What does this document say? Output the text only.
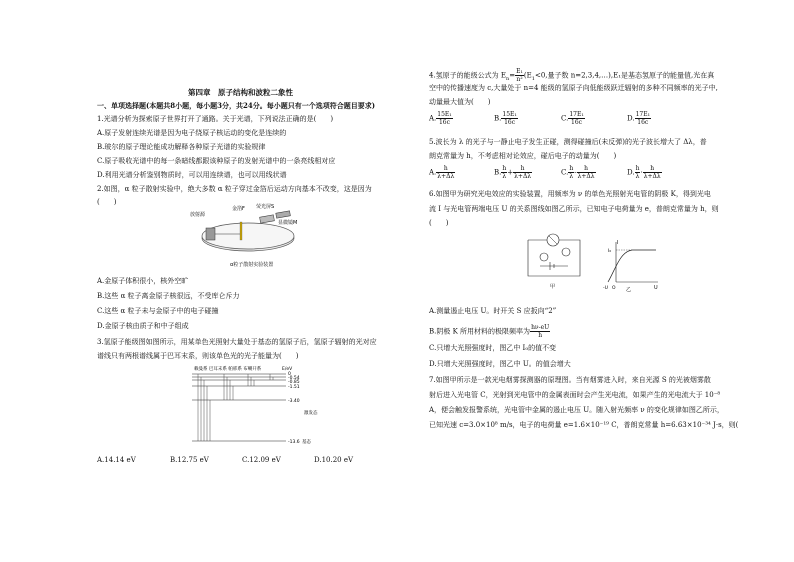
第四章　原子结构和波粒二象性
一、单项选择题(本题共8小题，每小题3分，共24分。每小题只有一个选项符合题目要求)
1.光谱分析为探索原子世界打开了通路。关于光谱，下列说法正确的是(　　)
A.原子发射连续光谱是因为电子绕原子核运动的变化是连续的
B.玻尔的原子理论能成功解释各种原子光谱的实验规律
C.原子吸收光谱中的每一条暗线都跟该种原子的发射光谱中的一条亮线相对应
D.利用光谱分析鉴别物质时，可以用连续谱，也可以用线状谱
2.如图，α 粒子散射实验中，绝大多数 α 粒子穿过金箔后运动方向基本不改变，这是因为
(　　)
放射源
金箔F 荧光屏S
显微镜M
α粒子散射实验装置
A.金原子体积很小，核外空旷
B.这些 α 粒子离金原子核很远，不受库仑斥力
C.这些 α 粒子未与金原子中的电子碰撞
D.金原子核由质子和中子组成
3.氢原子能级图如图所示，用某单色光照射大量处于基态的氢原子后，氢原子辐射的光对应
谱线只有两根谱线属于巴耳末系，则该单色光的光子能量为(　　)
赖曼系 巴耳末系 帕邢系 布喇开系	E/eV
0
-0.54
-0.85
-1.51
-3.40
-13.6
激发态
基态
A.14.14 eV	B.12.75 eV	C.12.09 eV	D.10.20 eV
4.氢原子的能级公式为 $E_n= \frac{\text{E₁}}{\text{n²}} (E_1<0$,量子数 n=2,3,4,…),E₁是基态氢原子的能量值,光在真
空中的传播速度为 c,大量处于 n=4 能级的氢原子向低能级跃迁辐射的多种不同频率的光子中,
动量最大值为(　　)
A. $\frac{\text{15E₁}}{16c}$	B. $\frac{\text{15E₁}}{16c}$	C. $\frac{\text{17E₁}}{16c}$	D. $\frac{\text{17E₁}}{16c}$
5.波长为 λ 的光子与一静止电子发生正碰，测得碰撞后(未反弹)的光子波长增大了 Δλ，普
朗克常量为 h，不考虑相对论效应，碰后电子的动量为(　　)
A. $\frac{h}{\lambda+\Delta\lambda}$	B. $\frac{h}{\lambda} + \frac{h}{\lambda+\Delta\lambda}$	C. $\frac{h}{\lambda} - \frac{h}{\lambda+\Delta\lambda}$	D. $\frac{h}{\lambda} \cdot \frac{h}{\lambda+\Delta\lambda}$
6.如图甲为研究光电效应的实验装置，用频率为 ν 的单色光照射光电管的阴极 K，得到光电
流 I 与光电管两端电压 U 的关系图线如图乙所示，已知电子电荷量为 e，普朗克常量为 h，则
(　　)
甲
I
U
-U
I₀
O 乙
A.测量遏止电压 U。时开关 S 应扳向“2”
B.阴极 K 所用材料的极限频率为 $\frac{h\nu-eU}{h}$
C.只增大光照强度时，图乙中 I₀的值不变
D.只增大光照强度时，图乙中 U。的值会增大
7.如图甲所示是一款光电烟雾探测器的原理图。当有烟雾进入时，来自光源 S 的光被烟雾散
射后进入光电管 C，光射到光电管中的金属表面时会产生光电流，如果产生的光电流大于 10⁻⁸
A，便会触发报警系统，光电管中金属的遏止电压 U。随入射光频率 ν 的变化规律如图乙所示，
已知光速 c=3.0×10⁸ m/s，电子的电荷量 e=1.6×10⁻¹⁹ C，普朗克常量 h=6.63×10⁻³⁴ J·s，则(
